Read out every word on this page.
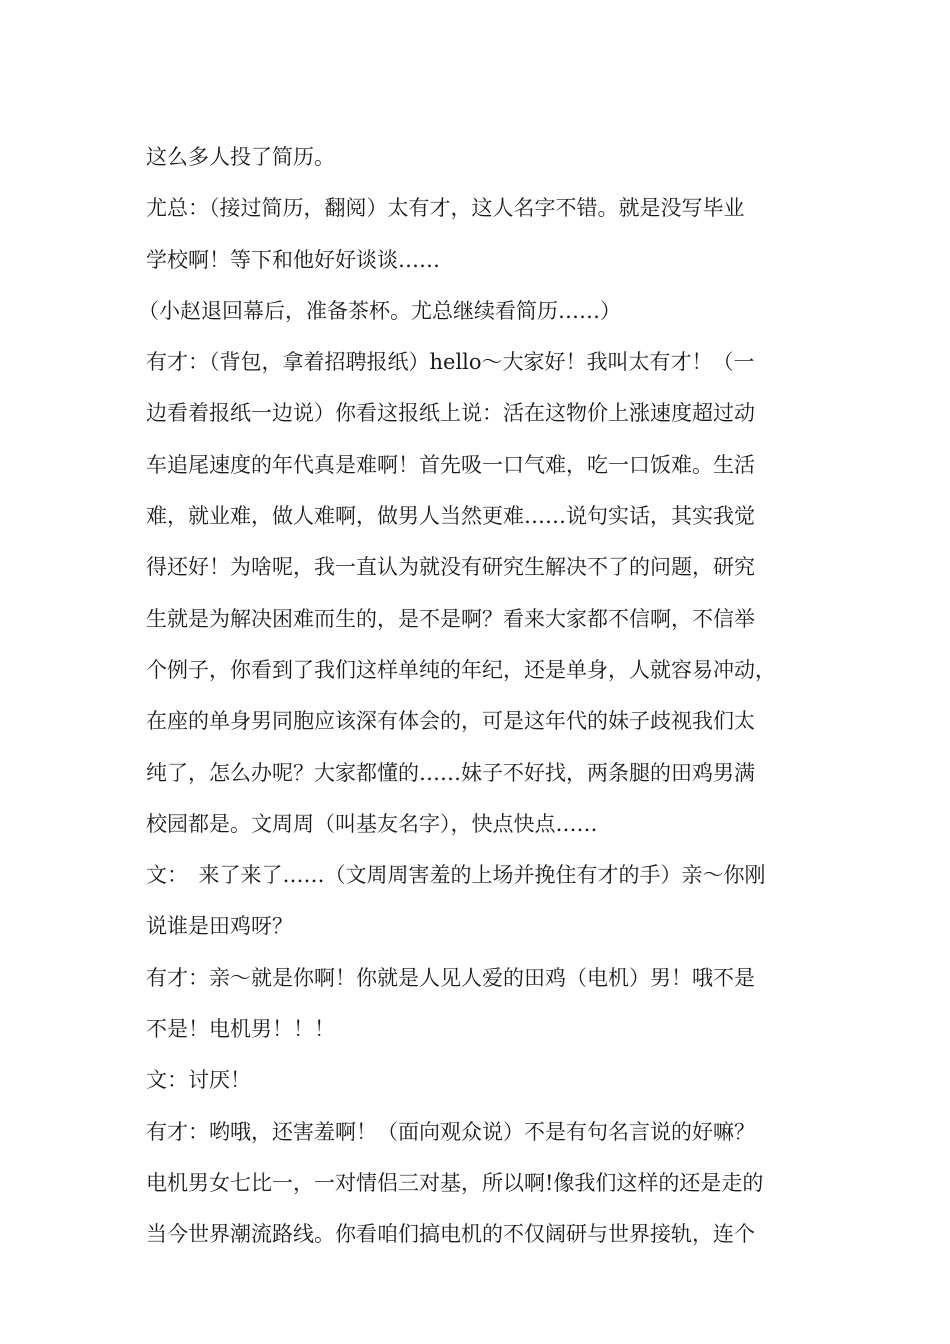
这么多人投了简历。
尤总：（接过简历，翻阅）太有才，这人名字不错。就是没写毕业
学校啊！等下和他好好谈谈……
（小赵退回幕后，准备茶杯。尤总继续看简历……）
有才：（背包，拿着招聘报纸）hello～大家好！我叫太有才！（一
边看着报纸一边说）你看这报纸上说：活在这物价上涨速度超过动
车追尾速度的年代真是难啊！首先吸一口气难，吃一口饭难。生活
难，就业难，做人难啊，做男人当然更难……说句实话，其实我觉
得还好！为啥呢，我一直认为就没有研究生解决不了的问题，研究
生就是为解决困难而生的，是不是啊？看来大家都不信啊，不信举
个例子，你看到了我们这样单纯的年纪，还是单身，人就容易冲动，
在座的单身男同胞应该深有体会的，可是这年代的妹子歧视我们太
纯了，怎么办呢？大家都懂的……妹子不好找，两条腿的田鸡男满
校园都是。文周周（叫基友名字），快点快点……
文：　来了来了……（文周周害羞的上场并挽住有才的手）亲～你刚
说谁是田鸡呀？
有才：亲～就是你啊！你就是人见人爱的田鸡（电机）男！哦不是
不是！电机男！！！
文：讨厌！
有才：哟哦，还害羞啊！（面向观众说）不是有句名言说的好嘛？
电机男女七比一，一对情侣三对基，所以啊!像我们这样的还是走的
当今世界潮流路线。你看咱们搞电机的不仅阔研与世界接轨，连个
